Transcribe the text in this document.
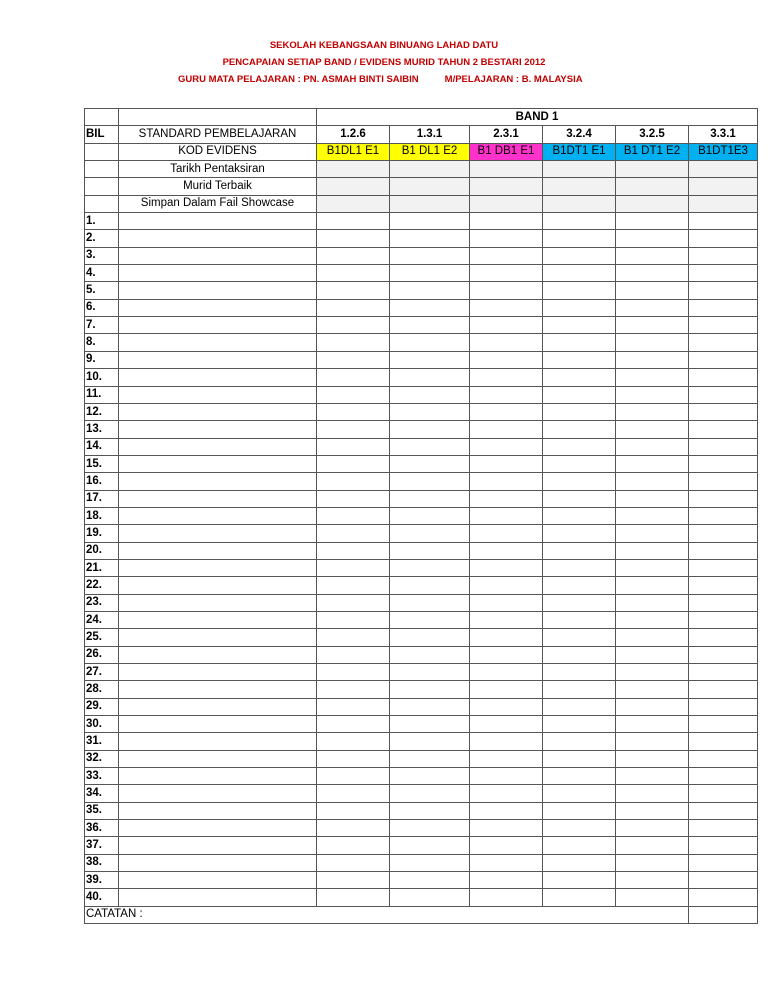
SEKOLAH KEBANGSAAN BINUANG LAHAD DATU
PENCAPAIAN SETIAP BAND / EVIDENS MURID TAHUN 2 BESTARI 2012
GURU MATA PELAJARAN : PN. ASMAH BINTI SAIBIN	M/PELAJARAN : B. MALAYSIA
		BAND 1					
BIL	STANDARD PEMBELAJARAN	1.2.6	1.3.1	2.3.1	3.2.4	3.2.5	3.3.1
	KOD EVIDENS	B1DL1 E1	B1 DL1 E2	B1 DB1 E1	B1DT1 E1	B1 DT1 E2	B1DT1E3
	Tarikh Pentaksiran						
	Murid Terbaik						
	Simpan Dalam Fail Showcase						
1.							
2.							
3.							
4.							
5.							
6.							
7.							
8.							
9.							
10.							
11.							
12.							
13.							
14.							
15.							
16.							
17.							
18.							
19.							
20.							
21.							
22.							
23.							
24.							
25.							
26.							
27.							
28.							
29.							
30.							
31.							
32.							
33.							
34.							
35.							
36.							
37.							
38.							
39.							
40.							
CATATAN :							
